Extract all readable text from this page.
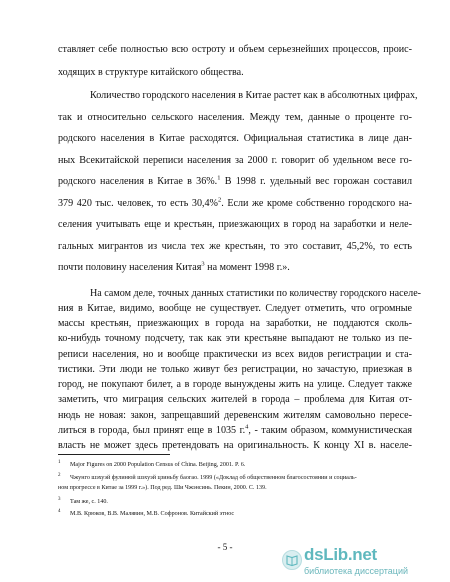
ставляет себе полностью всю остроту и объем серьезнейших процессов, проис-
ходящих в структуре китайского общества.
Количество городского населения в Китае растет как в абсолютных цифрах,
так и относительно сельского населения. Между тем, данные о проценте го-
родского населения в Китае расходятся. Официальная статистика в лице дан-
ных Всекитайской переписи населения за 2000 г. говорит об удельном весе го-
родского населения в Китае в 36%.$^1$ В 1998 г. удельный вес горожан составил
379 420 тыс. человек, то есть 30,4%$^2$. Если же кроме собственно городского на-
селения учитывать еще и крестьян, приезжающих в город на заработки и неле-
гальных мигрантов из числа тех же крестьян, то это составит, 45,2%, то есть
почти половину населения Китая$^3$ на момент 1998 г.».
На самом деле, точных данных статистики по количеству городского населе-
ния в Китае, видимо, вообще не существует. Следует отметить, что огромные
массы крестьян, приезжающих в города на заработки, не поддаются сколь-
ко-нибудь точному подсчету, так как эти крестьяне выпадают не только из пе-
реписи населения, но и вообще практически из всех видов регистрации и ста-
тистики. Эти люди не только живут без регистрации, но зачастую, приезжая в
город, не покупают билет, а в городе вынуждены жить на улице. Следует также
заметить, что миграция сельских жителей в города – проблема для Китая от-
нюдь не новая: закон, запрещавший деревенским жителям самовольно пересе-
литься в города, был принят еще в 1035 г.$^4$, - таким образом, коммунистическая
власть не может здесь претендовать на оригинальность. К концу XI в. населе-
$^1$ Major Figures on 2000 Population Census of China. Beijing, 2001. P. 6.
$^2$ Чжунго шэхуэй фулинюй шэхуэй цзиньбу баогао. 1999 («Доклад об общественном благосостоянии и социаль-
ном прогрессе в Китае за 1999 г.»). Под ред. Ши Чжэнсинь. Пекин, 2000. С. 139.
$^3$ Там же, с. 140.
$^4$ М.В. Крюков, В.В. Малявин, М.В. Софронов. Китайский этнос
- 5 -	dsLib.net
библиотека диссертаций
